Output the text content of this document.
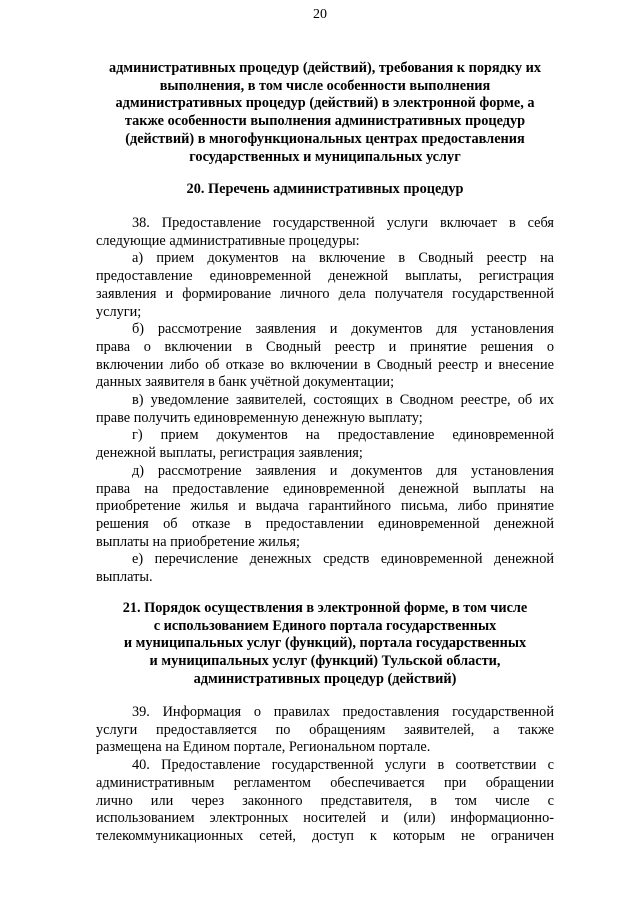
20
административных процедур (действий), требования к порядку их
выполнения, в том числе особенности выполнения
административных процедур (действий) в электронной форме, а
также особенности выполнения административных процедур
(действий) в многофункциональных центрах предоставления
государственных и муниципальных услуг
20. Перечень административных процедур
38. Предоставление государственной услуги включает в себя
следующие административные процедуры:
а) прием документов на включение в Сводный реестр на
предоставление единовременной денежной выплаты, регистрация
заявления и формирование личного дела получателя государственной
услуги;
б) рассмотрение заявления и документов для установления
права о включении в Сводный реестр и принятие решения о
включении либо об отказе во включении в Сводный реестр и внесение
данных заявителя в банк учётной документации;
в) уведомление заявителей, состоящих в Сводном реестре, об их
праве получить единовременную денежную выплату;
г) прием документов на предоставление единовременной
денежной выплаты, регистрация заявления;
д) рассмотрение заявления и документов для установления
права на предоставление единовременной денежной выплаты на
приобретение жилья и выдача гарантийного письма, либо принятие
решения об отказе в предоставлении единовременной денежной
выплаты на приобретение жилья;
е) перечисление денежных средств единовременной денежной
выплаты.
21. Порядок осуществления в электронной форме, в том числе
с использованием Единого портала государственных
и муниципальных услуг (функций), портала государственных
и муниципальных услуг (функций) Тульской области,
административных процедур (действий)
39. Информация о правилах предоставления государственной
услуги предоставляется по обращениям заявителей, а также
размещена на Едином портале, Региональном портале.
40. Предоставление государственной услуги в соответствии с
административным регламентом обеспечивается при обращении
лично или через законного представителя, в том числе с
использованием электронных носителей и (или) информационно-
телекоммуникационных сетей, доступ к которым не ограничен
